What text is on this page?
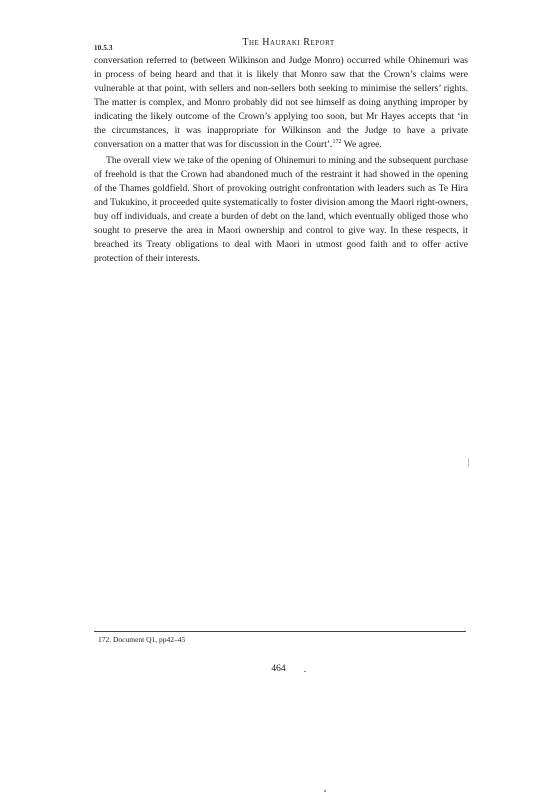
10.5.3	The Hauraki Report

conversation referred to (between Wilkinson and Judge Monro) occurred while Ohinemuri was in process of being heard and that it is likely that Monro saw that the Crown’s claims were vulnerable at that point, with sellers and non-sellers both seeking to minimise the sellers’ rights. The matter is complex, and Monro probably did not see himself as doing anything improper by indicating the likely outcome of the Crown’s applying too soon, but Mr Hayes accepts that ‘in the circumstances, it was inappropriate for Wilkinson and the Judge to have a private conversation on a matter that was for discussion in the Court’.$^{172}$ We agree.

The overall view we take of the opening of Ohinemuri to mining and the subsequent purchase of freehold is that the Crown had abandoned much of the restraint it had showed in the opening of the Thames goldfield. Short of provoking outright confrontation with leaders such as Te Hira and Tukukino, it proceeded quite systematically to foster division among the Maori right-owners, buy off individuals, and create a burden of debt on the land, which eventually obliged those who sought to preserve the area in Maori ownership and control to give way. In these respects, it breached its Treaty obligations to deal with Maori in utmost good faith and to offer active protection of their interests.

172. Document Q1, pp42–45
464
